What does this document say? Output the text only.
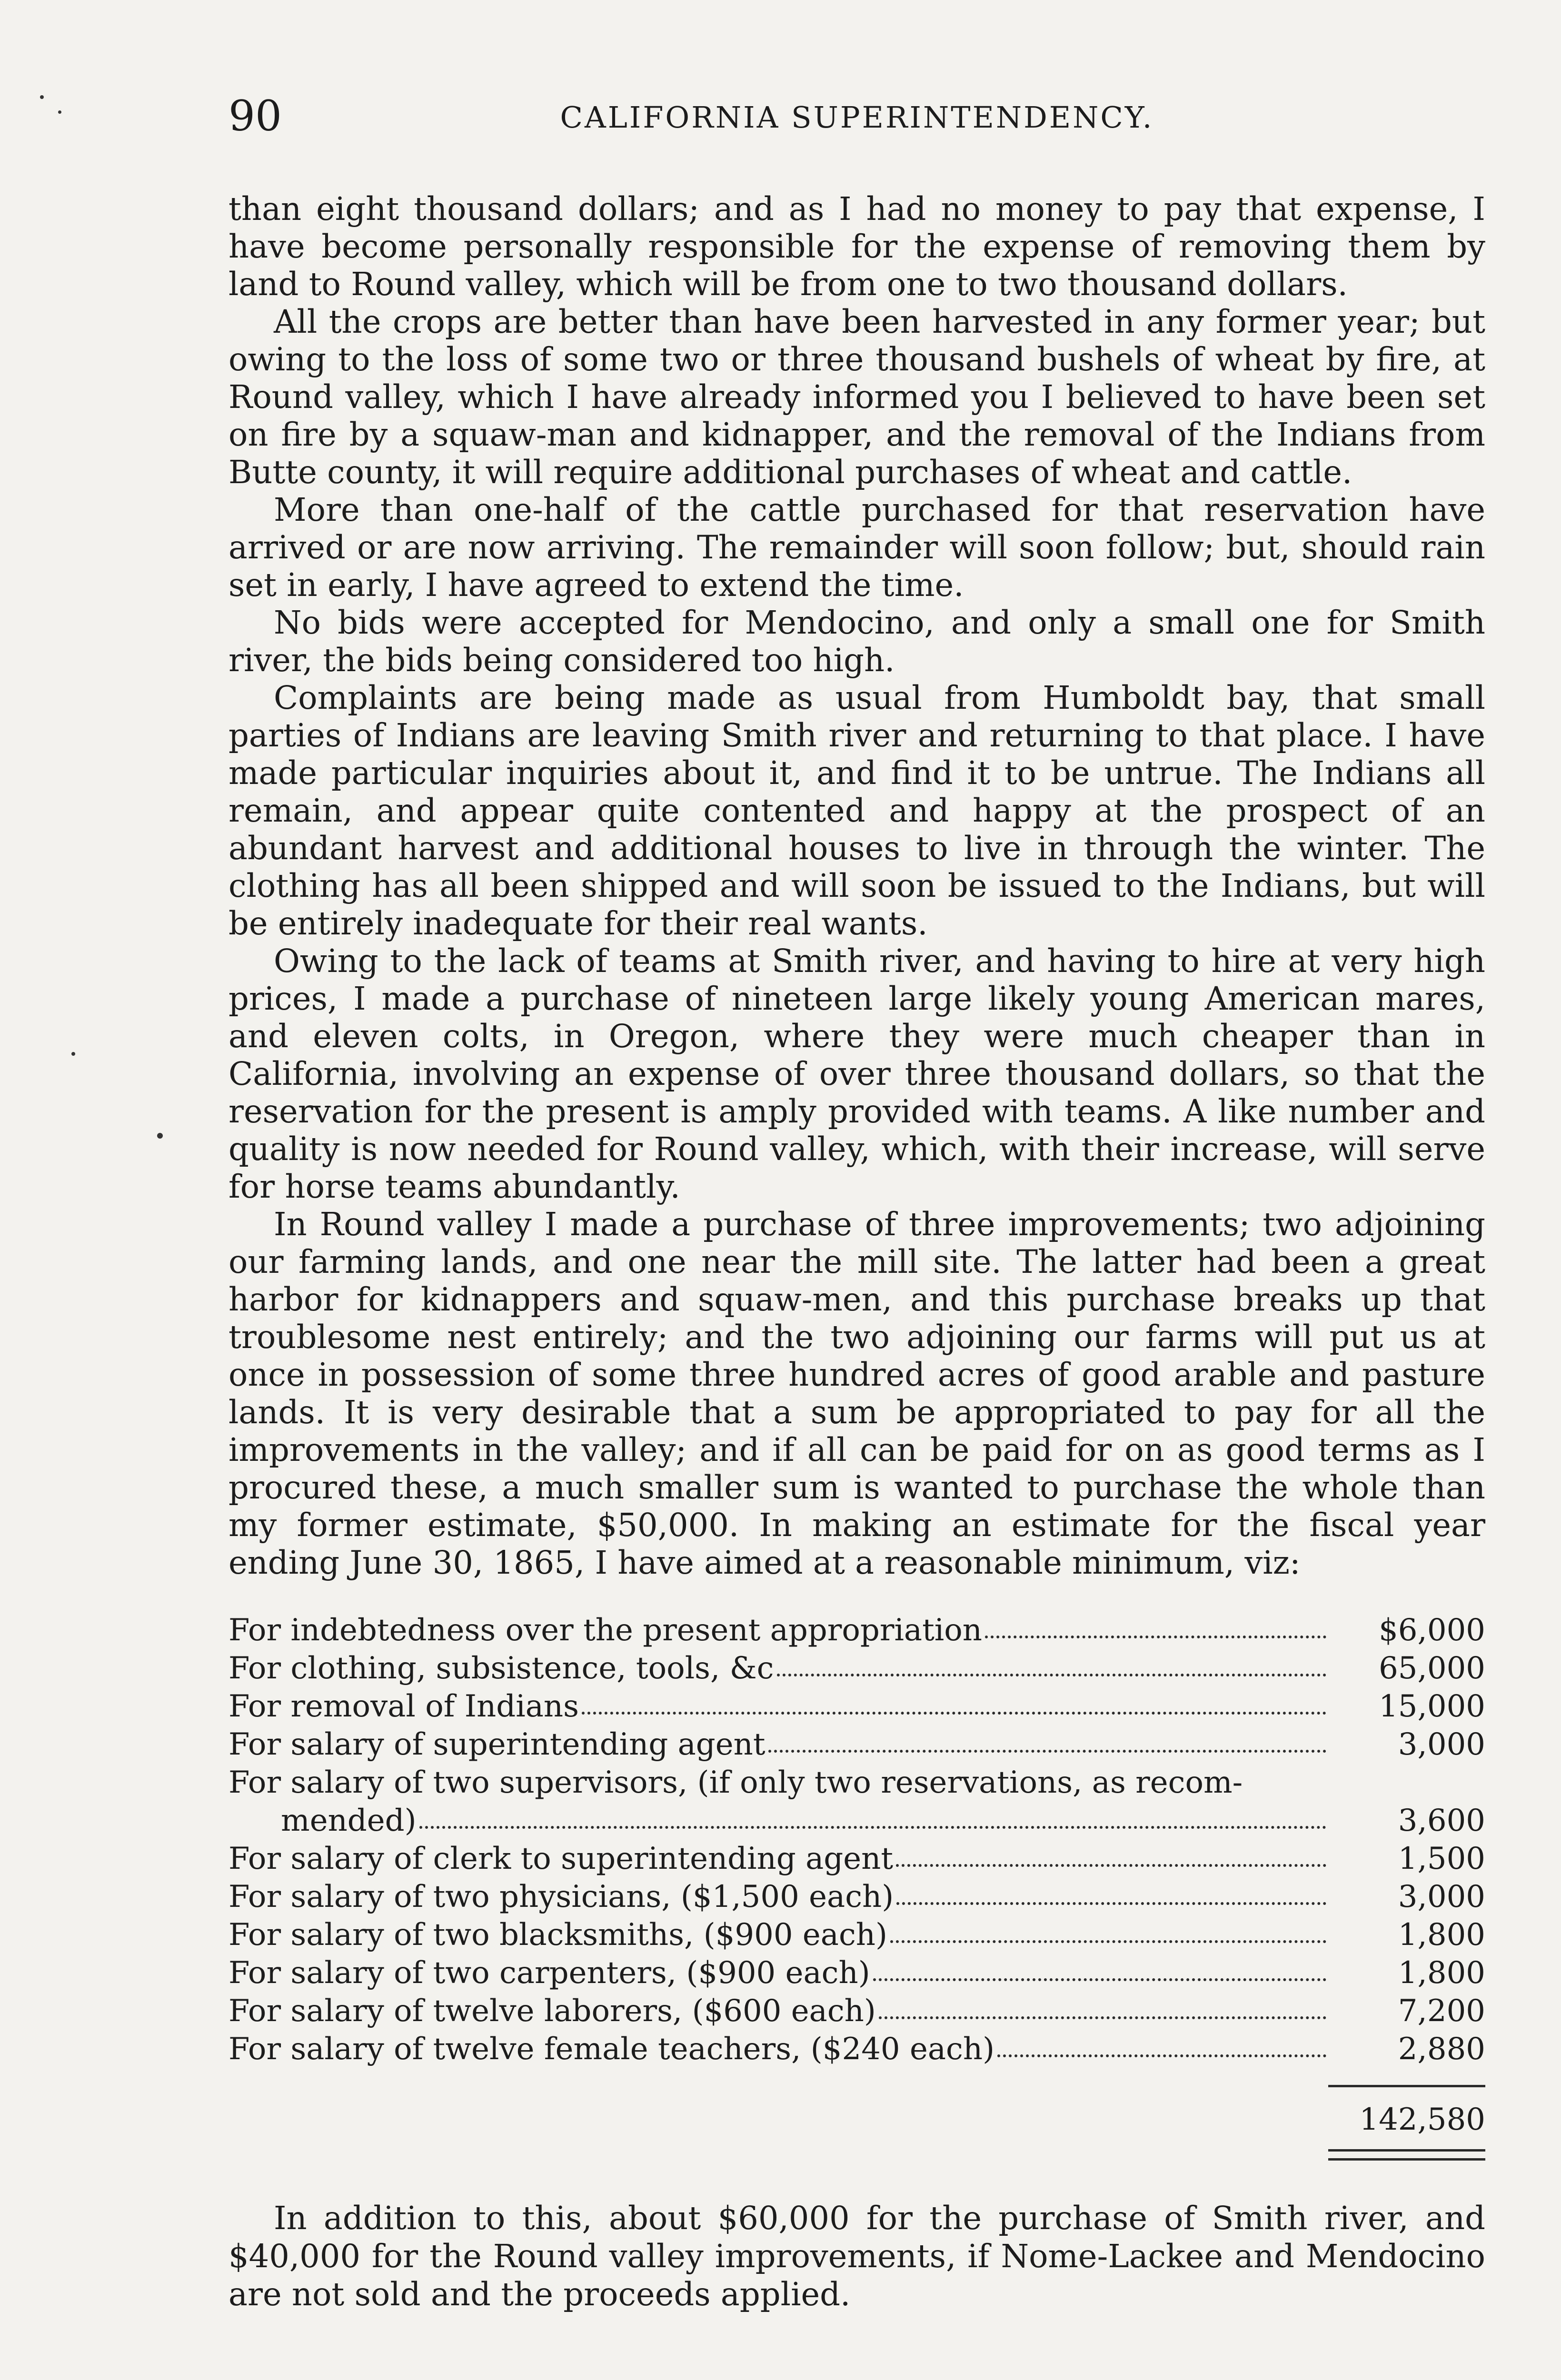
90	CALIFORNIA SUPERINTENDENCY.

than eight thousand dollars; and as I had no money to pay that expense, I have become personally responsible for the expense of removing them by land to Round valley, which will be from one to two thousand dollars.

All the crops are better than have been harvested in any former year; but owing to the loss of some two or three thousand bushels of wheat by fire, at Round valley, which I have already informed you I believed to have been set on fire by a squaw-man and kidnapper, and the removal of the Indians from Butte county, it will require additional purchases of wheat and cattle.

More than one-half of the cattle purchased for that reservation have arrived or are now arriving. The remainder will soon follow; but, should rain set in early, I have agreed to extend the time.

No bids were accepted for Mendocino, and only a small one for Smith river, the bids being considered too high.

Complaints are being made as usual from Humboldt bay, that small parties of Indians are leaving Smith river and returning to that place. I have made particular inquiries about it, and find it to be untrue. The Indians all remain, and appear quite contented and happy at the prospect of an abundant harvest and additional houses to live in through the winter. The clothing has all been shipped and will soon be issued to the Indians, but will be entirely inadequate for their real wants.

Owing to the lack of teams at Smith river, and having to hire at very high prices, I made a purchase of nineteen large likely young American mares, and eleven colts, in Oregon, where they were much cheaper than in California, involving an expense of over three thousand dollars, so that the reservation for the present is amply provided with teams. A like number and quality is now needed for Round valley, which, with their increase, will serve for horse teams abundantly.

In Round valley I made a purchase of three improvements; two adjoining our farming lands, and one near the mill site. The latter had been a great harbor for kidnappers and squaw-men, and this purchase breaks up that troublesome nest entirely; and the two adjoining our farms will put us at once in possession of some three hundred acres of good arable and pasture lands. It is very desirable that a sum be appropriated to pay for all the improvements in the valley; and if all can be paid for on as good terms as I procured these, a much smaller sum is wanted to purchase the whole than my former estimate, $50,000. In making an estimate for the fiscal year ending June 30, 1865, I have aimed at a reasonable minimum, viz:

For indebtedness over the present appropriation	$6,000
For clothing, subsistence, tools, &c	65,000
For removal of Indians	15,000
For salary of superintending agent	3,000
For salary of two supervisors, (if only two reservations, as recom-
mended)	3,600
For salary of clerk to superintending agent	1,500
For salary of two physicians, ($1,500 each)	3,000
For salary of two blacksmiths, ($900 each)	1,800
For salary of two carpenters, ($900 each)	1,800
For salary of twelve laborers, ($600 each)	7,200
For salary of twelve female teachers, ($240 each)	2,880
142,580

In addition to this, about $60,000 for the purchase of Smith river, and $40,000 for the Round valley improvements, if Nome-Lackee and Mendocino are not sold and the proceeds applied.
